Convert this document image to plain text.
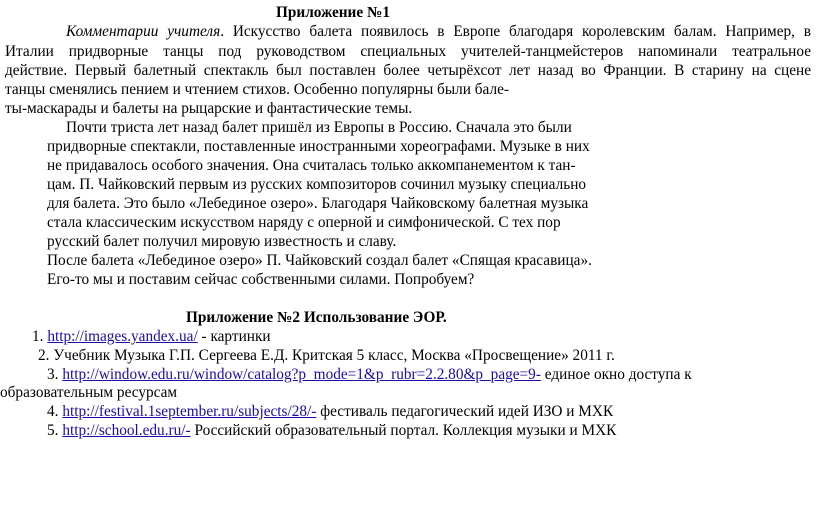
Приложение №1
Комментарии учителя. Искусство балета появилось в Европе благодаря королевским балам. Например, в
Италии придворные танцы под руководством специальных учителей-танцмейстеров напоминали театральное
действие. Первый балетный спектакль был поставлен более четырёхсот лет назад во Франции. В старину на сцене
танцы сменялись пением и чтением стихов. Особенно популярны были бале-
ты-маскарады и балеты на рыцарские и фантастические темы.
Почти триста лет назад балет пришёл из Европы в Россию. Сначала это были
придворные спектакли, поставленные иностранными хореографами. Музыке в них
не придавалось особого значения. Она считалась только аккомпанементом к тан-
цам. П. Чайковский первым из русских композиторов сочинил музыку специально
для балета. Это было «Лебединое озеро». Благодаря Чайковскому балетная музыка
стала классическим искусством наряду с оперной и симфонической. С тех пор
русский балет получил мировую известность и славу.
После балета «Лебединое озеро» П. Чайковский создал балет «Спящая красавица».
Его-то мы и поставим сейчас собственными силами. Попробуем?
Приложение №2 Использование ЭОР.
1. http://images.yandex.ua/ - картинки
2. Учебник Музыка Г.П. Сергеева Е.Д. Критская 5 класс, Москва «Просвещение» 2011 г.
3. http://window.edu.ru/window/catalog?p_mode=1&p_rubr=2.2.80&p_page=9- единое окно доступа к
образовательным ресурсам
4. http://festival.1september.ru/subjects/28/- фестиваль педагогический идей ИЗО и МХК
5. http://school.edu.ru/- Российский образовательный портал. Коллекция музыки и МХК
